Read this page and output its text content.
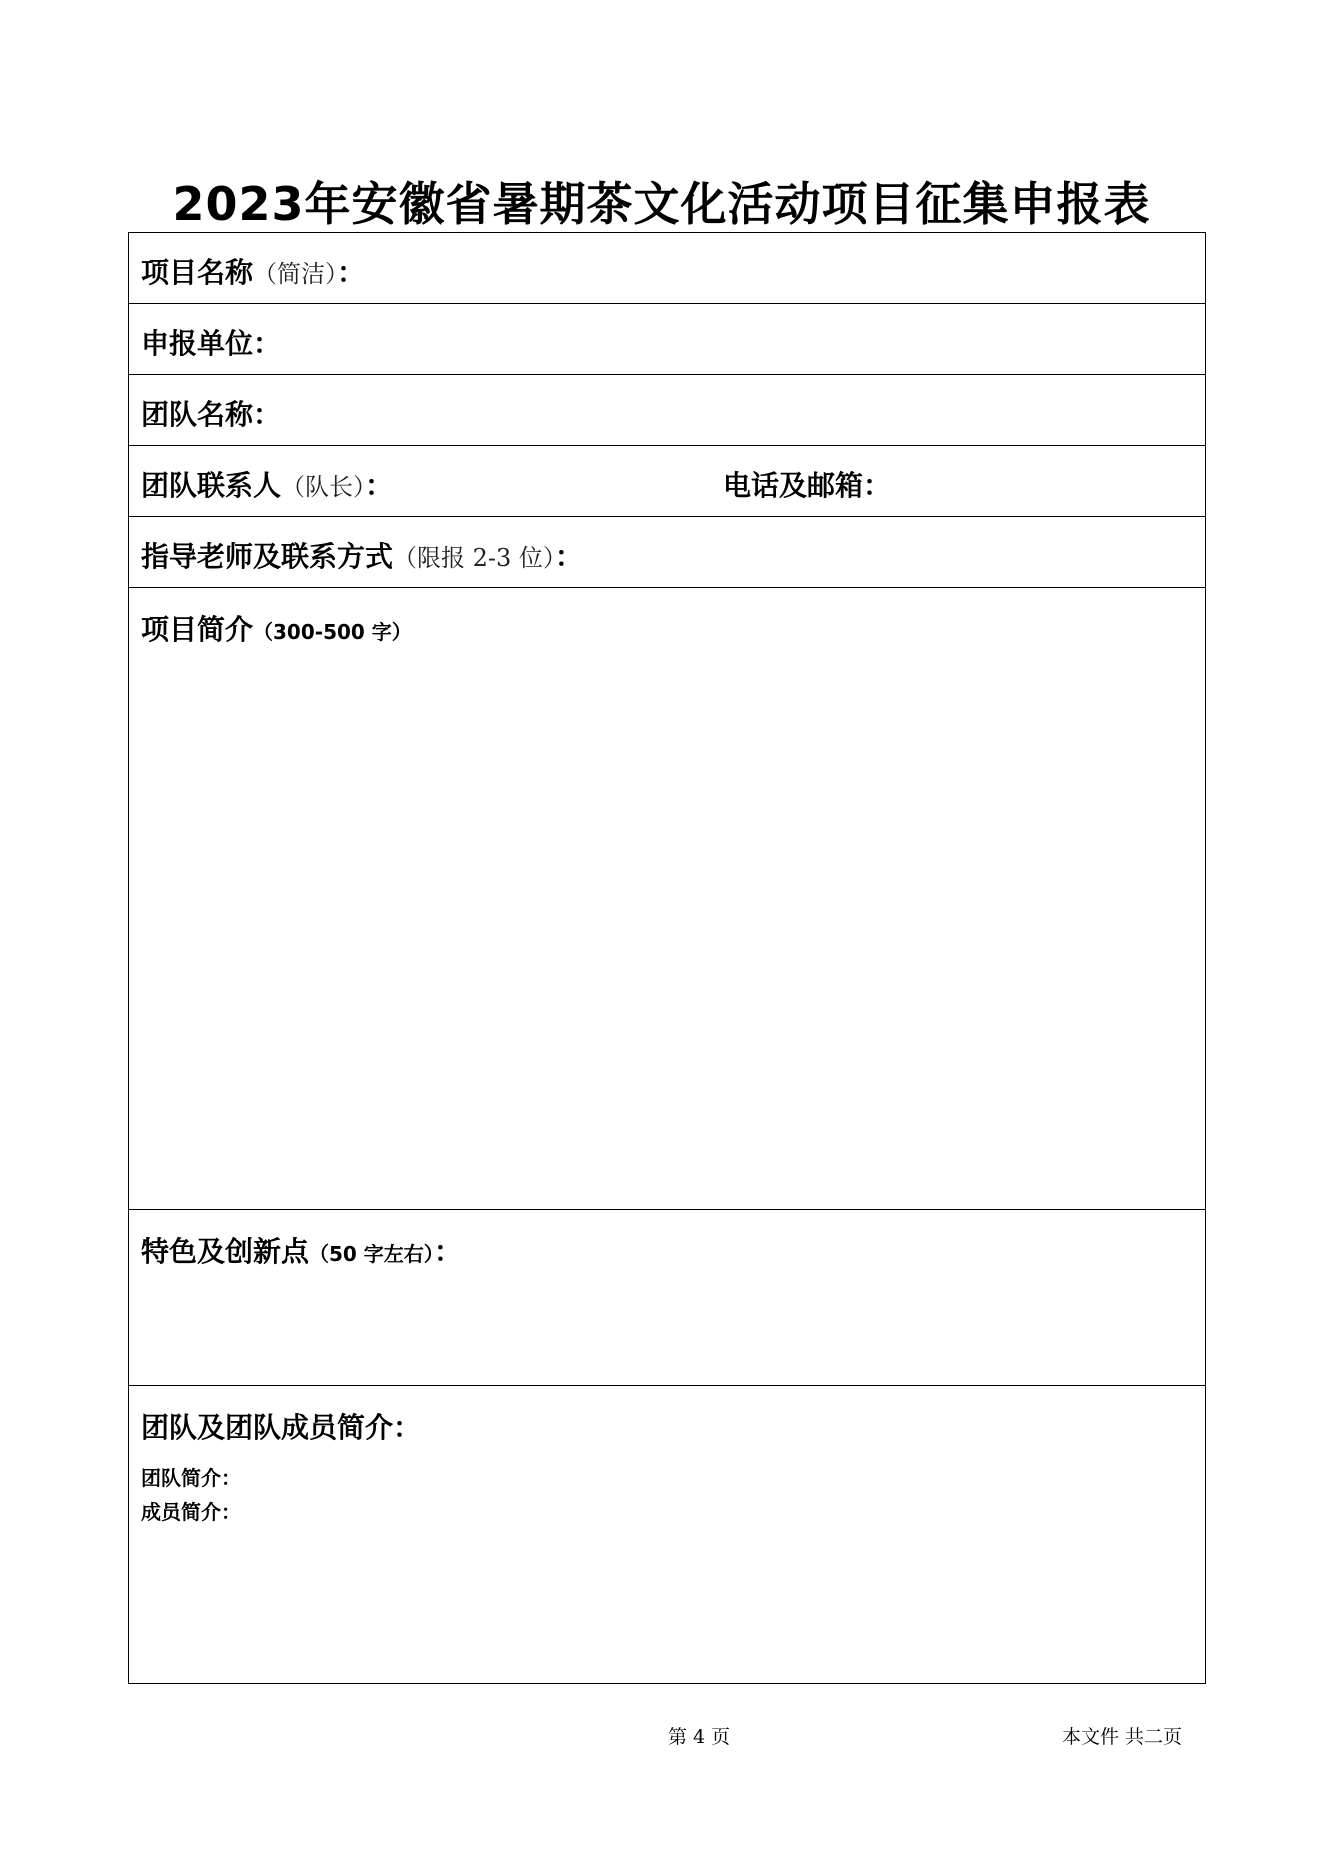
2023年安徽省暑期茶文化活动项目征集申报表
项目名称（简洁）：
申报单位：
团队名称：
团队联系人（队长）：	电话及邮箱：
指导老师及联系方式（限报 2-3 位）：
项目简介（300-500 字）
特色及创新点（50 字左右）：
团队及团队成员简介：
团队简介：
成员简介：
第 4 页	本文件 共二页
